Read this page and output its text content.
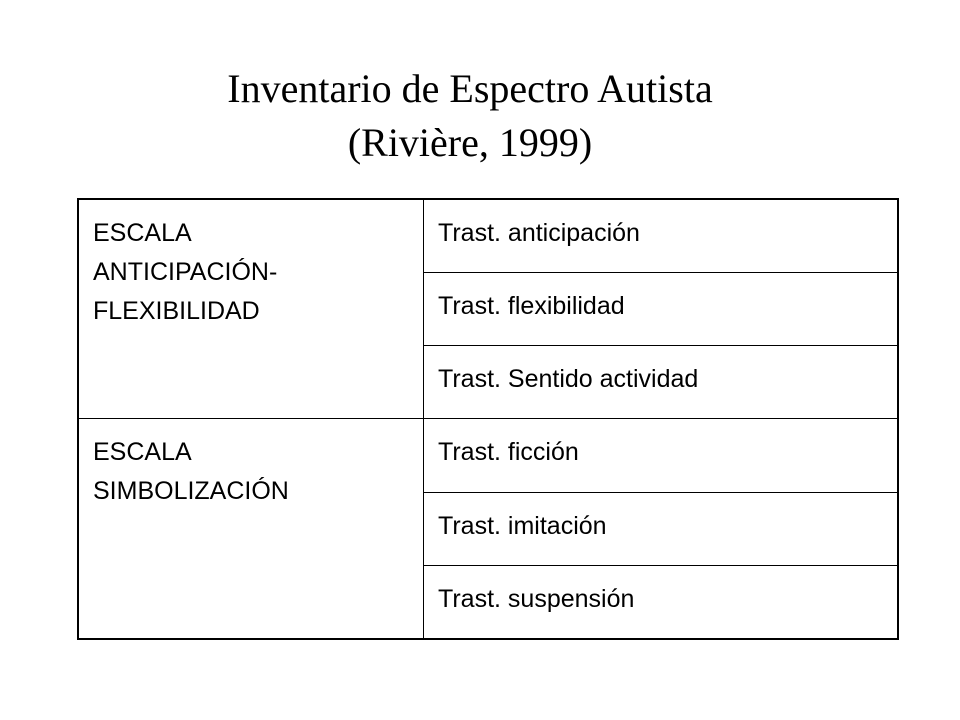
Inventario de Espectro Autista
(Rivière, 1999)
ESCALA
ANTICIPACIÓN-
FLEXIBILIDAD	Trast. anticipación
	Trast. flexibilidad
	Trast. Sentido actividad

ESCALA
SIMBOLIZACIÓN	Trast. ficción
	Trast. imitación
	Trast. suspensión
